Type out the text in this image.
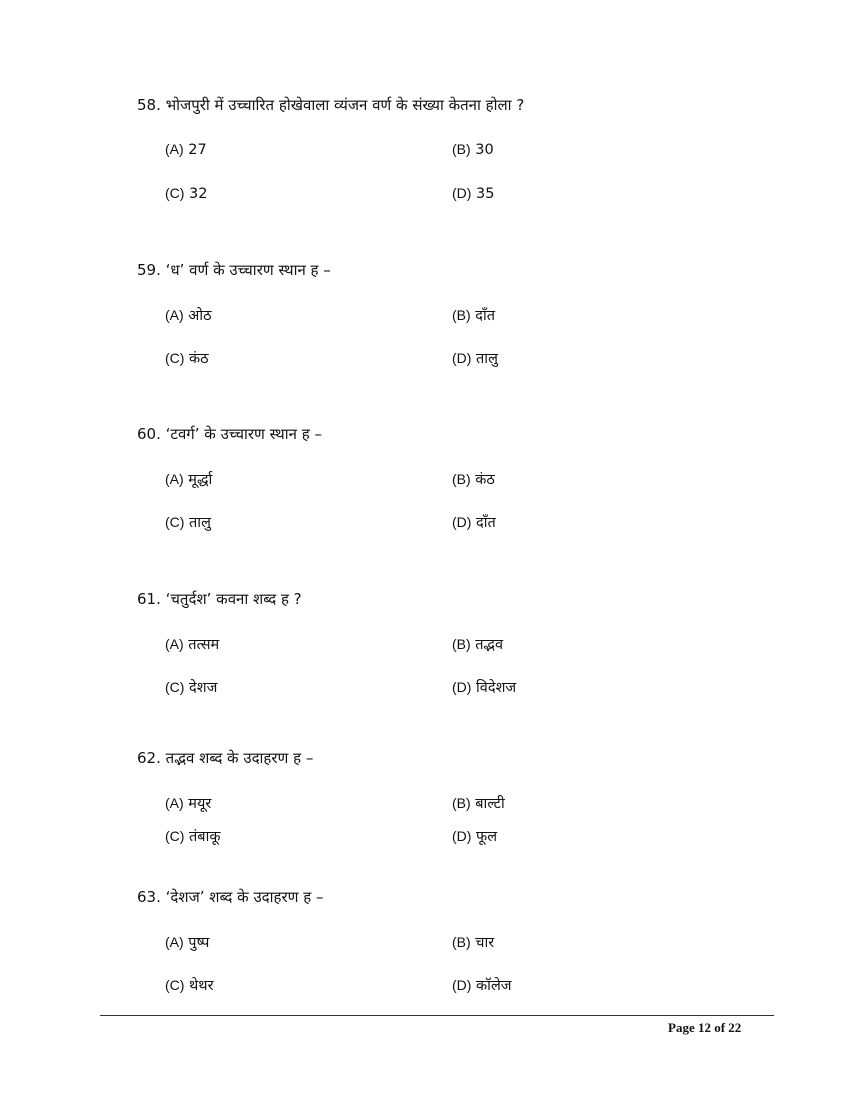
58. भोजपुरी में उच्चारित होखेवाला व्यंजन वर्ण के संख्या केतना होला ?
(A) 27	(B) 30
(C) 32	(D) 35
59. ‘ध’ वर्ण के उच्चारण स्थान ह –
(A) ओठ	(B) दाँत
(C) कंठ	(D) तालु
60. ‘टवर्ग’ के उच्चारण स्थान ह –
(A) मूर्द्धा	(B) कंठ
(C) तालु	(D) दाँत
61. ‘चतुर्दश’ कवना शब्द ह ?
(A) तत्सम	(B) तद्भव
(C) देशज	(D) विदेशज
62. तद्भव शब्द के उदाहरण ह –
(A) मयूर	(B) बाल्टी
(C) तंबाकू	(D) फूल
63. ‘देशज’ शब्द के उदाहरण ह –
(A) पुष्प	(B) चार
(C) थेथर	(D) कॉलेज
Page 12 of 22
